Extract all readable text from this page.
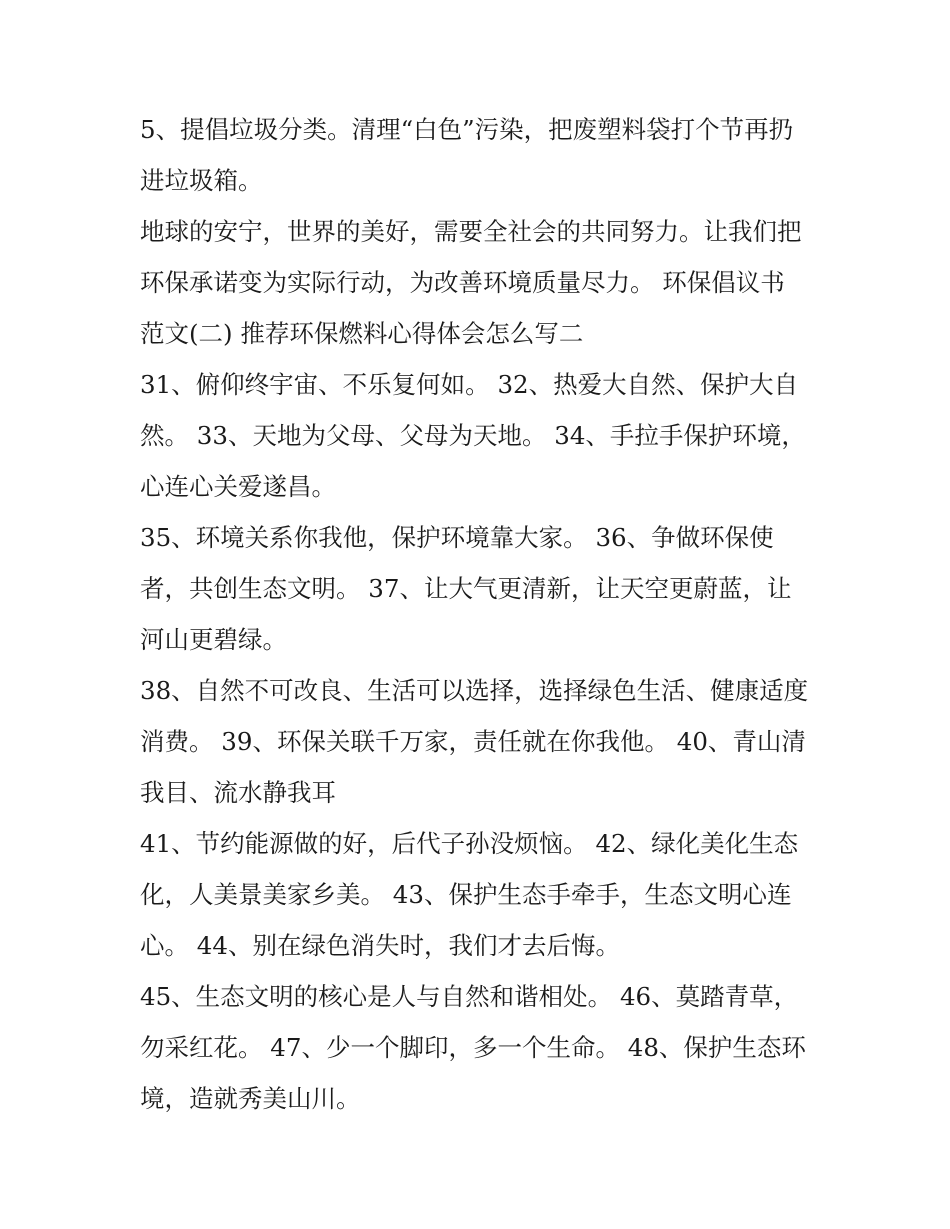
5、提倡垃圾分类。清理“白色”污染，把废塑料袋打个节再扔
进垃圾箱。
地球的安宁，世界的美好，需要全社会的共同努力。让我们把
环保承诺变为实际行动，为改善环境质量尽力。 环保倡议书
范文(二) 推荐环保燃料心得体会怎么写二
31、俯仰终宇宙、不乐复何如。 32、热爱大自然、保护大自
然。 33、天地为父母、父母为天地。 34、手拉手保护环境，
心连心关爱遂昌。
35、环境关系你我他，保护环境靠大家。 36、争做环保使
者，共创生态文明。 37、让大气更清新，让天空更蔚蓝，让
河山更碧绿。
38、自然不可改良、生活可以选择，选择绿色生活、健康适度
消费。 39、环保关联千万家，责任就在你我他。 40、青山清
我目、流水静我耳
41、节约能源做的好，后代子孙没烦恼。 42、绿化美化生态
化，人美景美家乡美。 43、保护生态手牵手，生态文明心连
心。 44、别在绿色消失时，我们才去后悔。
45、生态文明的核心是人与自然和谐相处。 46、莫踏青草，
勿采红花。 47、少一个脚印，多一个生命。 48、保护生态环
境，造就秀美山川。
